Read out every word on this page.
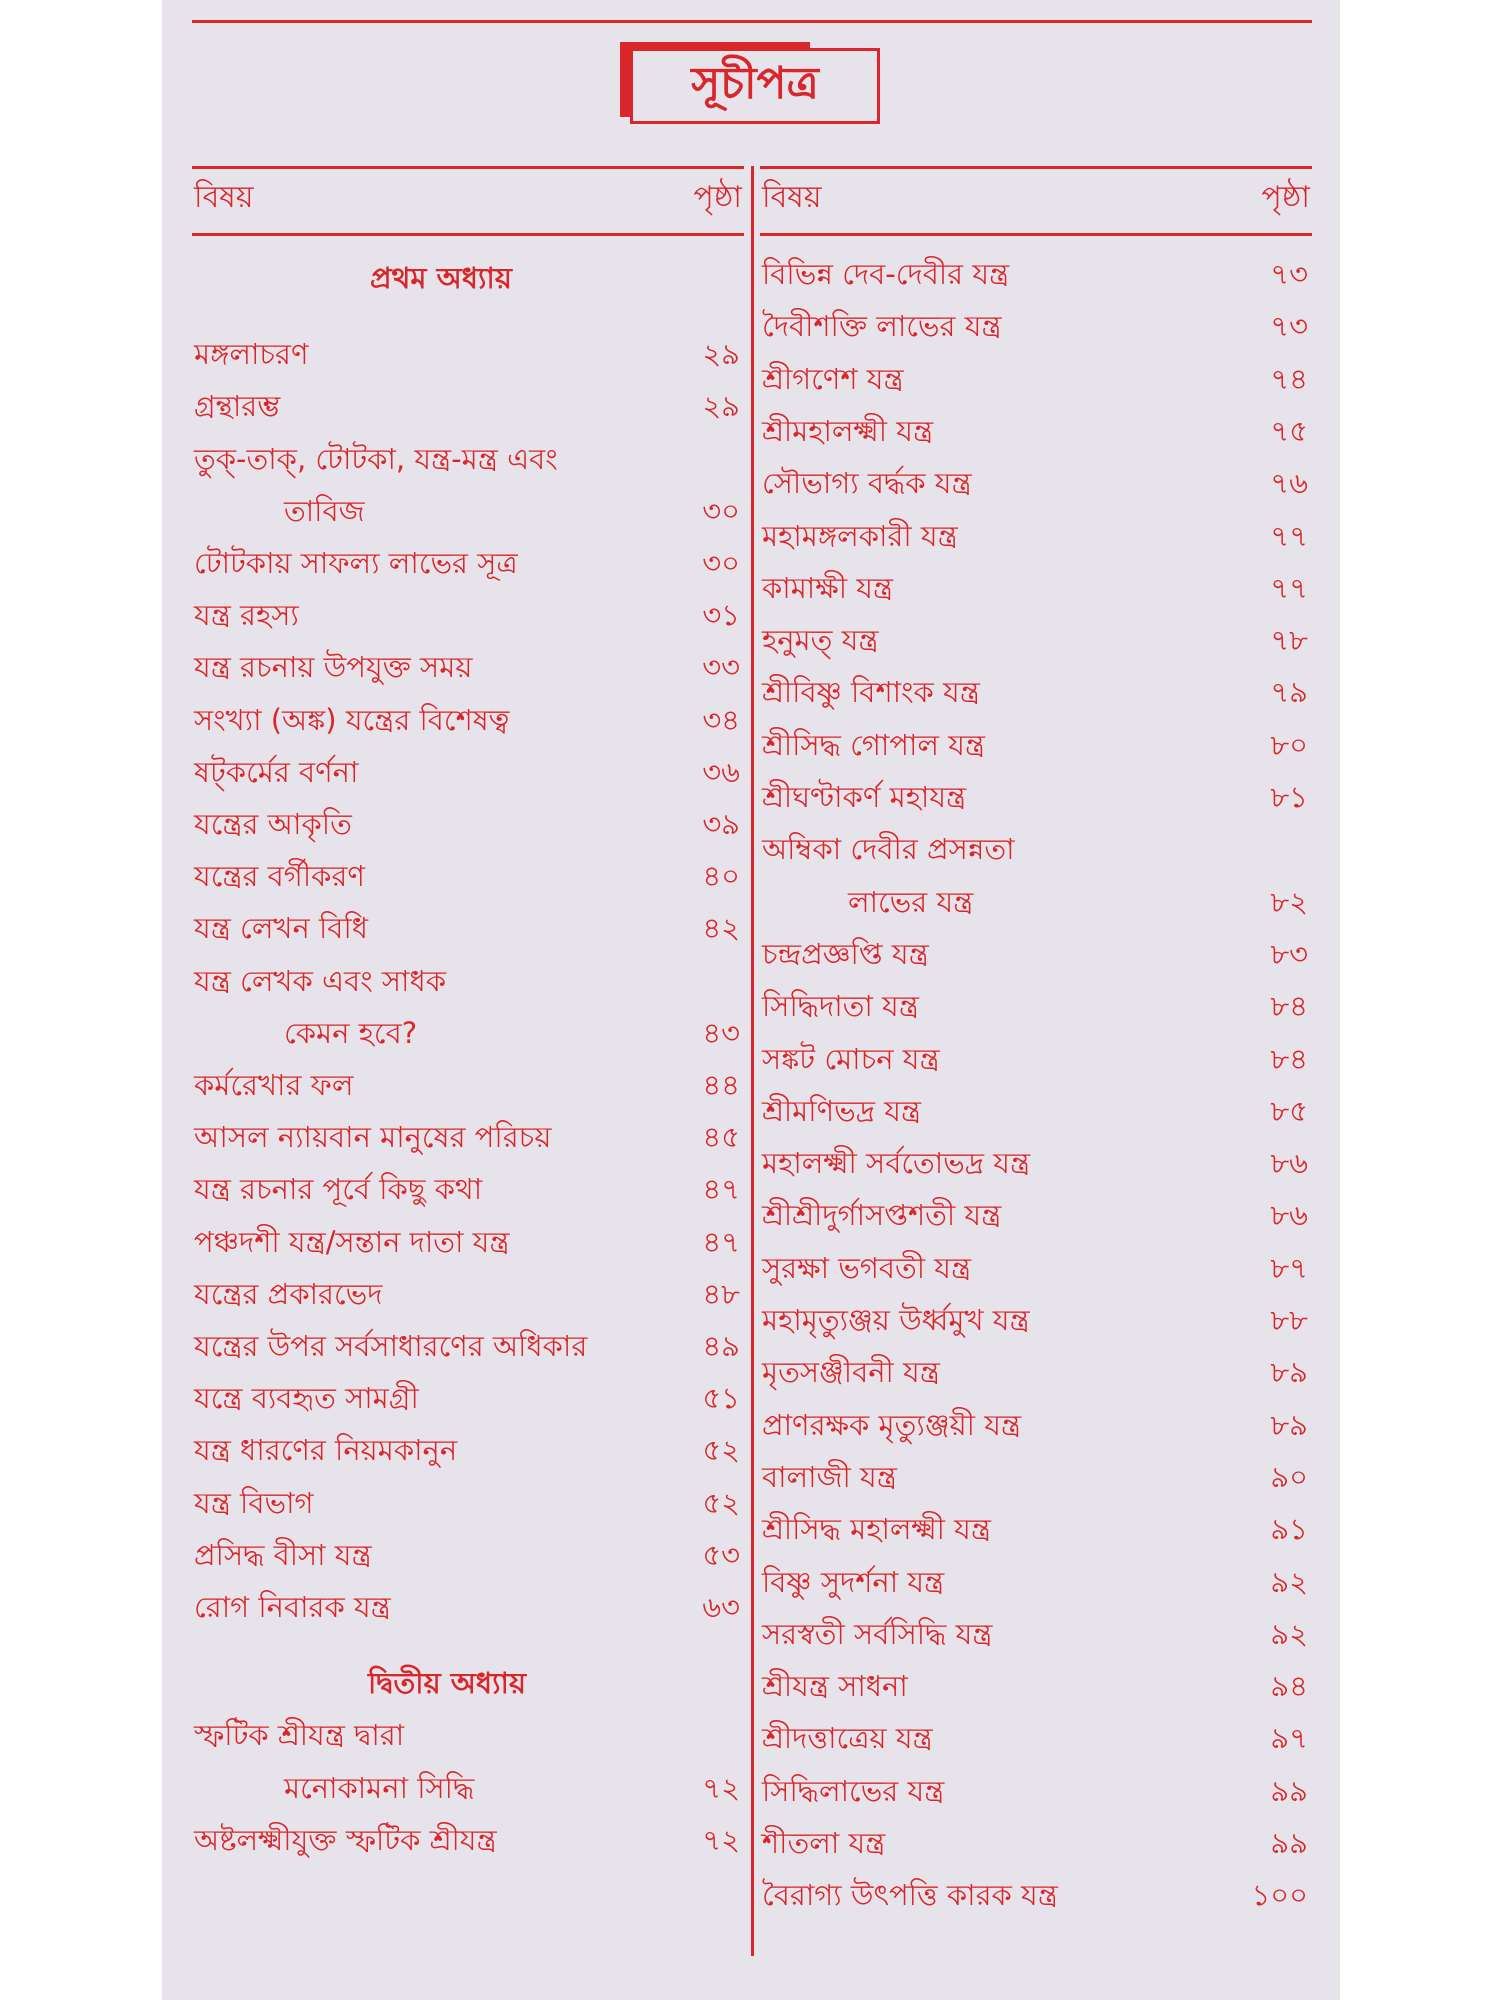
সূচীপত্র
বিষয়	পৃষ্ঠা
প্রথম অধ্যায়
মঙ্গলাচরণ	২৯
গ্রন্থারম্ভ	২৯
তুক্‌-তাক্‌, টোটকা, যন্ত্র-মন্ত্র এবং
তাবিজ	৩০
টোটকায় সাফল্য লাভের সূত্র	৩০
যন্ত্র রহস্য	৩১
যন্ত্র রচনায় উপযুক্ত সময়	৩৩
সংখ্যা (অঙ্ক) যন্ত্রের বিশেষত্ব	৩৪
ষট্‌কর্মের বর্ণনা	৩৬
যন্ত্রের আকৃতি	৩৯
যন্ত্রের বর্গীকরণ	৪০
যন্ত্র লেখন বিধি	৪২
যন্ত্র লেখক এবং সাধক
কেমন হবে?	৪৩
কর্মরেখার ফল	৪৪
আসল ন্যায়বান মানুষের পরিচয়	৪৫
যন্ত্র রচনার পূর্বে কিছু কথা	৪৭
পঞ্চদশী যন্ত্র/সন্তান দাতা যন্ত্র	৪৭
যন্ত্রের প্রকারভেদ	৪৮
যন্ত্রের উপর সর্বসাধারণের অধিকার	৪৯
যন্ত্রে ব্যবহৃত সামগ্রী	৫১
যন্ত্র ধারণের নিয়মকানুন	৫২
যন্ত্র বিভাগ	৫২
প্রসিদ্ধ বীসা যন্ত্র	৫৩
রোগ নিবারক যন্ত্র	৬৩
দ্বিতীয় অধ্যায়
স্ফটিক শ্রীযন্ত্র দ্বারা
মনোকামনা সিদ্ধি	৭২
অষ্টলক্ষ্মীযুক্ত স্ফটিক শ্রীযন্ত্র	৭২
বিষয়	পৃষ্ঠা
বিভিন্ন দেব-দেবীর যন্ত্র	৭৩
দৈবীশক্তি লাভের যন্ত্র	৭৩
শ্রীগণেশ যন্ত্র	৭৪
শ্রীমহালক্ষ্মী যন্ত্র	৭৫
সৌভাগ্য বর্দ্ধক যন্ত্র	৭৬
মহামঙ্গলকারী যন্ত্র	৭৭
কামাক্ষী যন্ত্র	৭৭
হনুমত্‌ যন্ত্র	৭৮
শ্রীবিষ্ণু বিশাংক যন্ত্র	৭৯
শ্রীসিদ্ধ গোপাল যন্ত্র	৮০
শ্রীঘণ্টাকর্ণ মহাযন্ত্র	৮১
অম্বিকা দেবীর প্রসন্নতা
লাভের যন্ত্র	৮২
চন্দ্রপ্রজ্ঞপ্তি যন্ত্র	৮৩
সিদ্ধিদাতা যন্ত্র	৮৪
সঙ্কট মোচন যন্ত্র	৮৪
শ্রীমণিভদ্র যন্ত্র	৮৫
মহালক্ষ্মী সর্বতোভদ্র যন্ত্র	৮৬
শ্রীশ্রীদুর্গাসপ্তশতী যন্ত্র	৮৬
সুরক্ষা ভগবতী যন্ত্র	৮৭
মহামৃত্যুঞ্জয় উর্ধ্বমুখ যন্ত্র	৮৮
মৃতসঞ্জীবনী যন্ত্র	৮৯
প্রাণরক্ষক মৃত্যুঞ্জয়ী যন্ত্র	৮৯
বালাজী যন্ত্র	৯০
শ্রীসিদ্ধ মহালক্ষ্মী যন্ত্র	৯১
বিষ্ণু সুদর্শনা যন্ত্র	৯২
সরস্বতী সর্বসিদ্ধি যন্ত্র	৯২
শ্রীযন্ত্র সাধনা	৯৪
শ্রীদত্তাত্রেয় যন্ত্র	৯৭
সিদ্ধিলাভের যন্ত্র	৯৯
শীতলা যন্ত্র	৯৯
বৈরাগ্য উৎপত্তি কারক যন্ত্র	১০০
